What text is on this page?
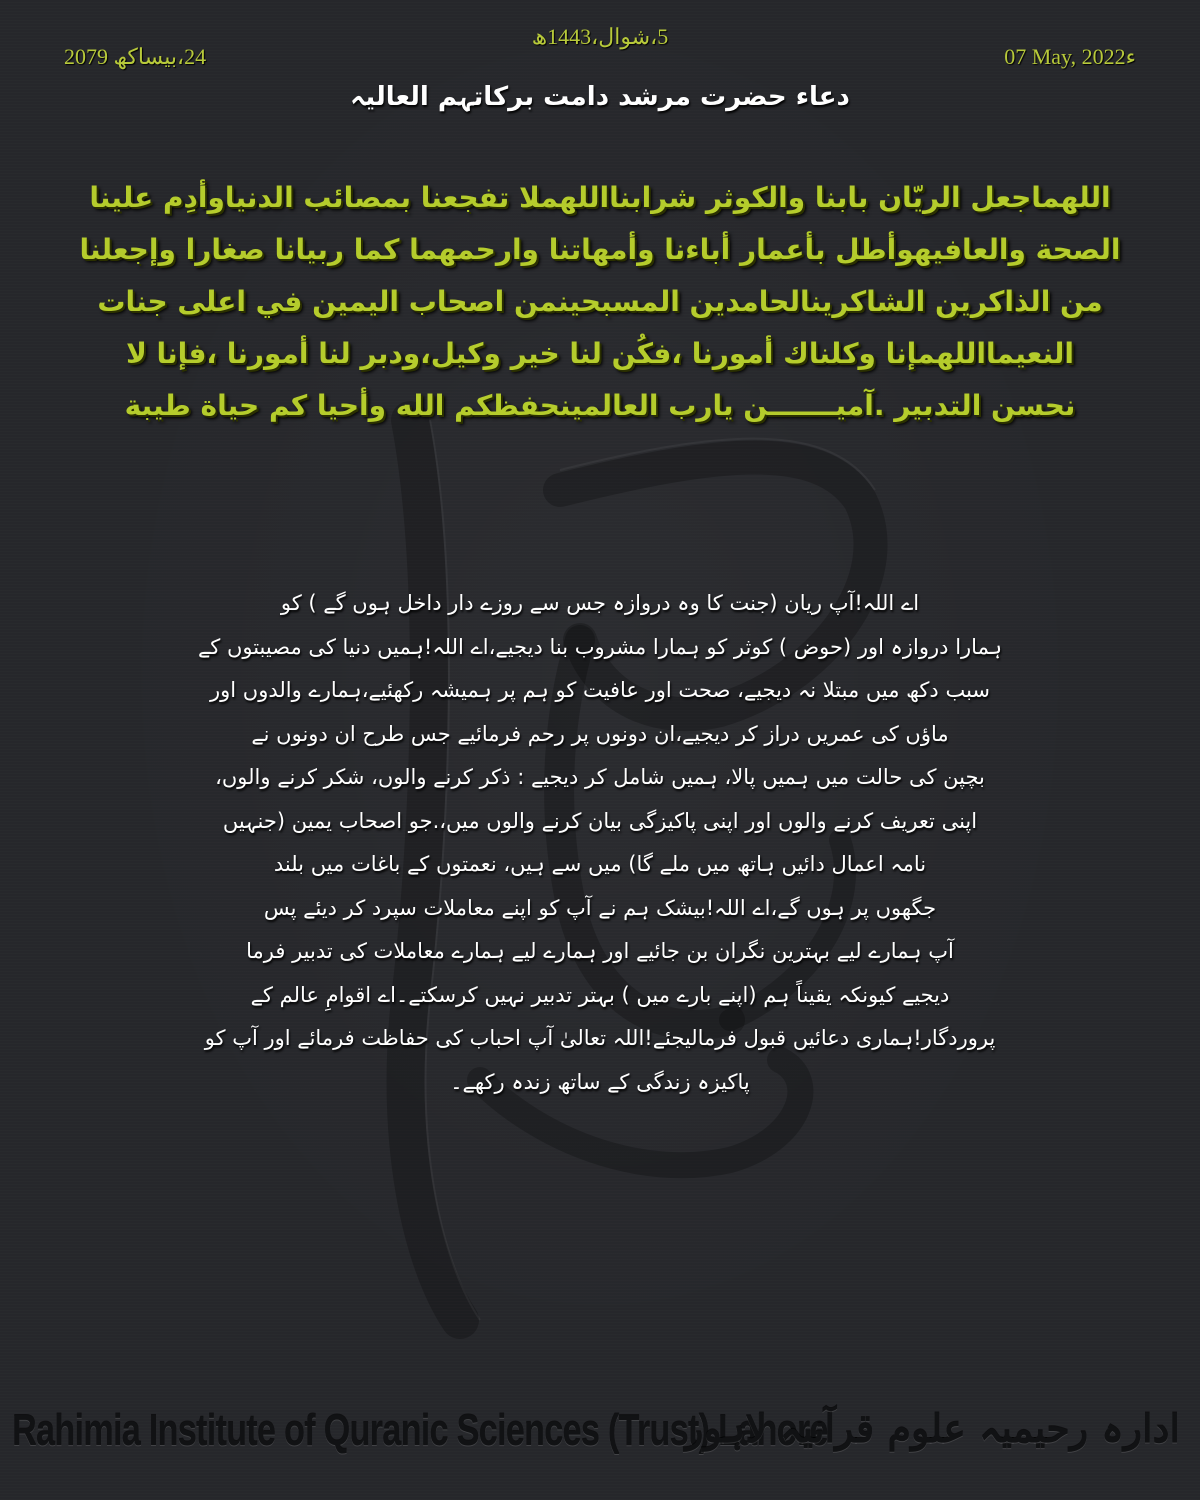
5،شوال،1443ھ
24،بیساکھ 2079	07 May, 2022ء
دعاء حضرت مرشد دامت برکاتہم العالیہ
اللهماجعل الريّان بابنا والكوثر شرابنااللهملا تفجعنا بمصائب الدنياوأدِم علينا
الصحة والعافيهوأطل بأعمار أباءنا وأمهاتنا وارحمهما كما ربيانا صغارا وإجعلنا
من الذاكرين الشاكرينالحامدين المسبحينمن اصحاب اليمين في اعلى جنات
النعيمااللهمإنا وكلناك أمورنا ،فكُن لنا خير وكيل،ودبر لنا أمورنا ،فإنا لا
نحسن التدبير .آميـــــــن يارب العالمينحفظكم الله وأحيا كم حياة طيبة
اے اللہ!آپ ریان (جنت کا وہ دروازہ جس سے روزے دار داخل ہوں گے ) کو
ہمارا دروازہ اور (حوض ) کوثر کو ہمارا مشروب بنا دیجیے،اے اللہ!ہمیں دنیا کی مصیبتوں کے
سبب دکھ میں مبتلا نہ دیجیے، صحت اور عافیت کو ہم پر ہمیشہ رکھئیے،ہمارے والدوں اور
ماؤں کی عمریں دراز کر دیجیے،ان دونوں پر رحم فرمائیے جس طرح ان دونوں نے
بچپن کی حالت میں ہمیں پالا، ہمیں شامل کر دیجیے : ذکر کرنے والوں، شکر کرنے والوں،
اپنی تعریف کرنے والوں اور اپنی پاکیزگی بیان کرنے والوں میں،.جو اصحاب یمین (جنہیں
نامہ اعمال دائیں ہاتھ میں ملے گا) میں سے ہیں، نعمتوں کے باغات میں بلند
جگھوں پر ہوں گے،اے اللہ!بیشک ہم نے آپ کو اپنے معاملات سپرد کر دیئے پس
آپ ہمارے لیے بہترین نگران بن جائیے اور ہمارے لیے ہمارے معاملات کی تدبیر فرما
دیجیے کیونکہ یقیناً ہم (اپنے بارے میں ) بہتر تدبیر نہیں کرسکتے۔اے اقوامِ عالم کے
پروردگار!ہماری دعائیں قبول فرمالیجئے!اللہ تعالیٰ آپ احباب کی حفاظت فرمائے اور آپ کو
پاکیزہ زندگی کے ساتھ زندہ رکھے۔
Rahimia Institute of Quranic Sciences (Trust) Lahore
ادارہ رحیمیہ علوم قرآنیہ لاہور
